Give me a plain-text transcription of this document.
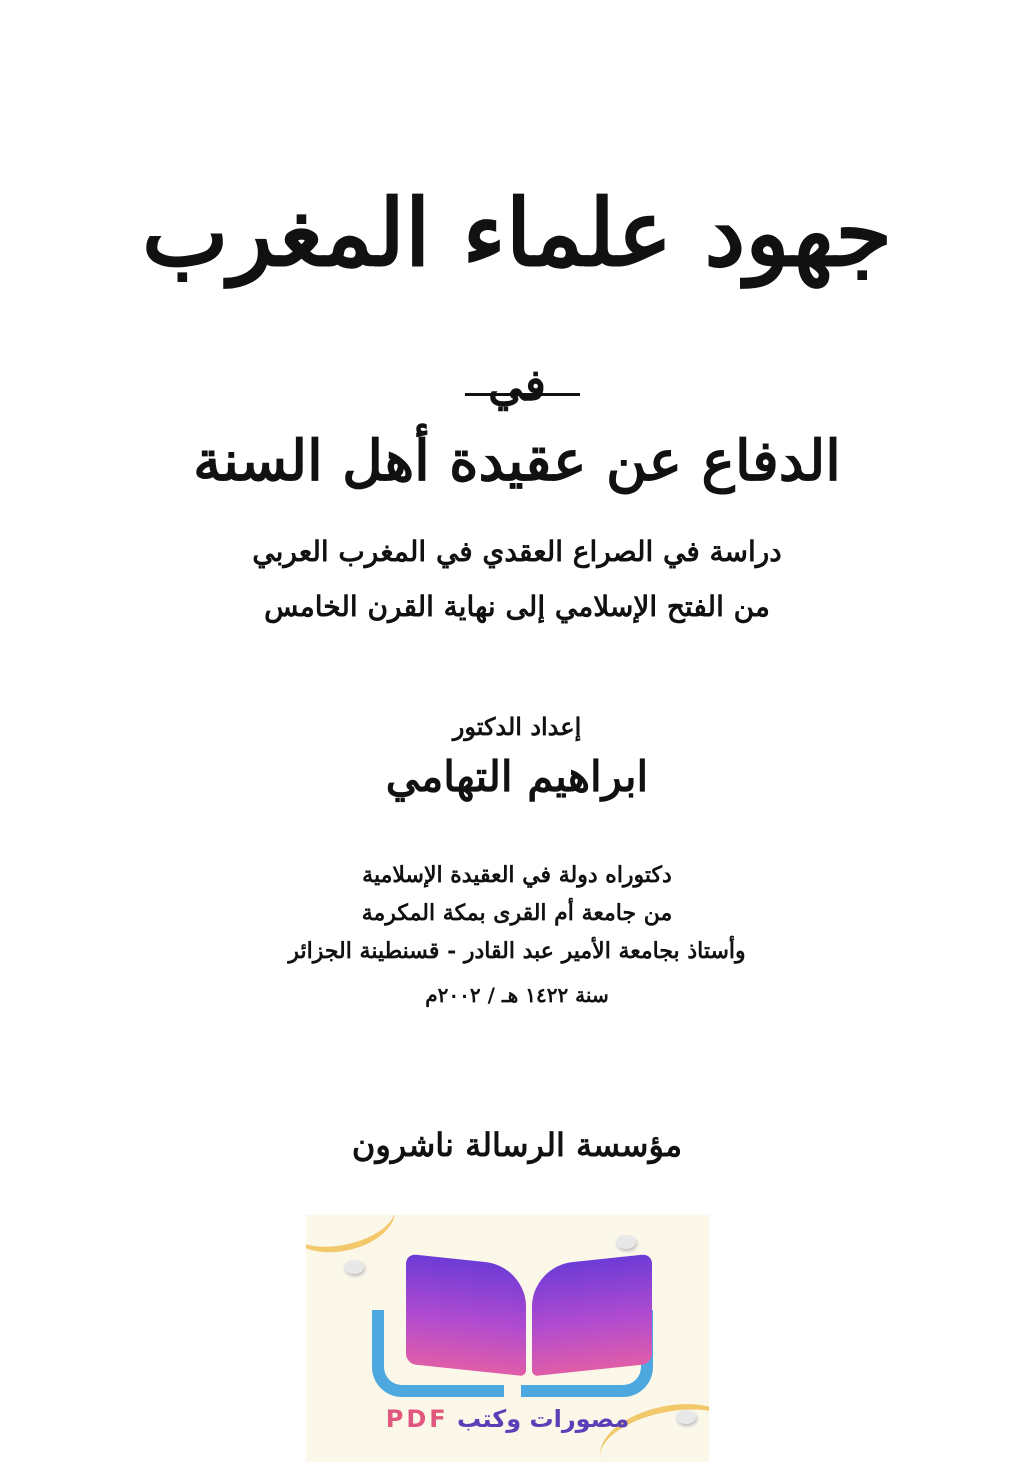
جهود علماء المغرب
في
الدفاع عن عقيدة أهل السنة
دراسة في الصراع العقدي في المغرب العربي
من الفتح الإسلامي إلى نهاية القرن الخامس
إعداد الدكتور
ابراهيم التهامي
دكتوراه دولة في العقيدة الإسلامية
من جامعة أم القرى بمكة المكرمة
وأستاذ بجامعة الأمير عبد القادر - قسنطينة الجزائر
سنة ١٤٢٢ هـ / ٢٠٠٢م
مؤسسة الرسالة ناشرون
مصورات وكتب PDF
